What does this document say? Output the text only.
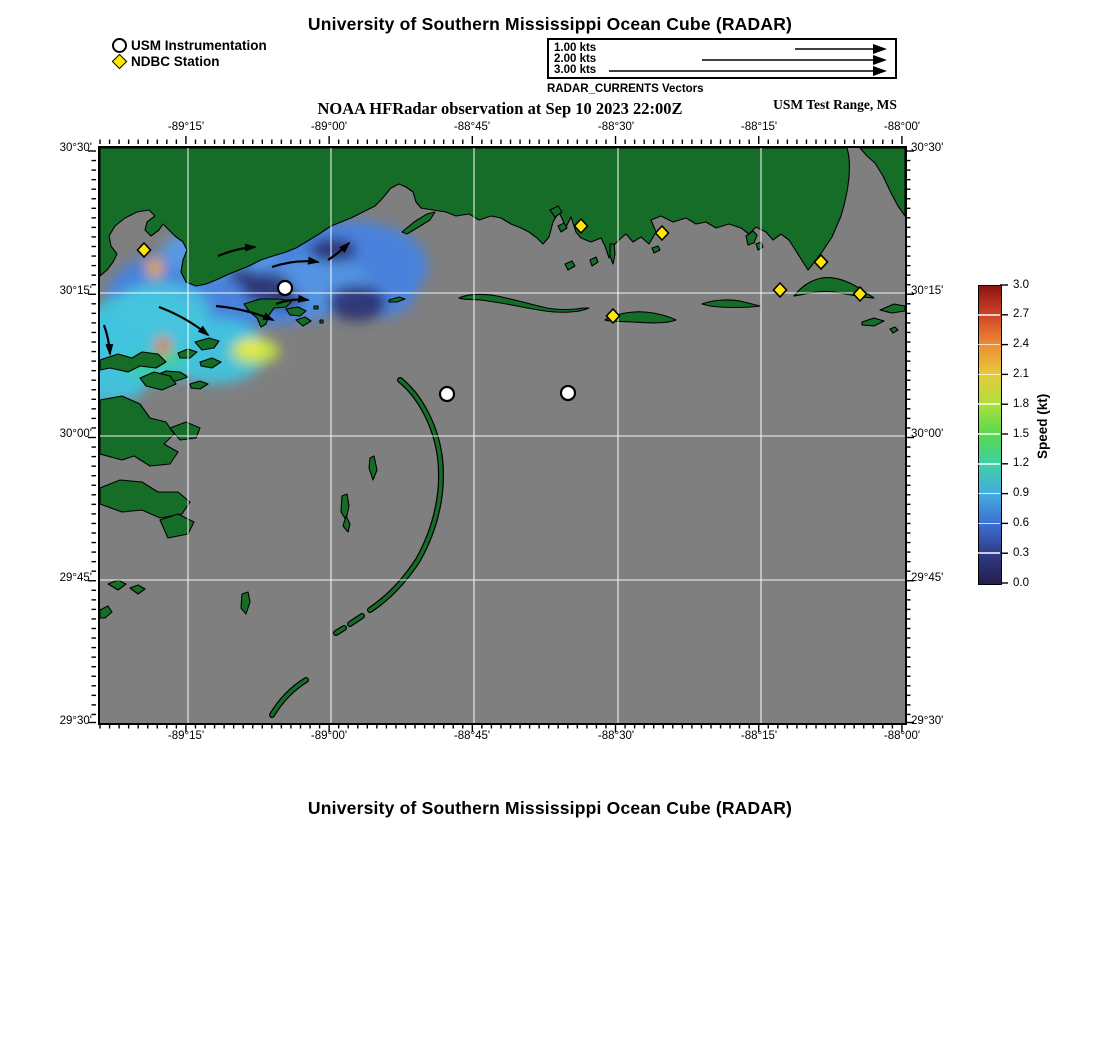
University of Southern Mississippi Ocean Cube (RADAR)
USM Instrumentation
NDBC Station
1.00 kts
2.00 kts
3.00 kts
RADAR_CURRENTS Vectors
NOAA HFRadar observation at Sep 10 2023 22:00Z	USM Test Range, MS
Speed (kt)
University of Southern Mississippi Ocean Cube (RADAR)
-89°15'
-89°15'
-89°00'
-89°00'
-88°45'
-88°45'
-88°30'
-88°30'
-88°15'
-88°15'
-88°00'
-88°00'
30°30'	30°30'
30°15'	30°15'
30°00'	30°00'
29°45'	29°45'
29°30'	29°30'
3.0
2.7
2.4
2.1
1.8
1.5
1.2
0.9
0.6
0.3
0.0
